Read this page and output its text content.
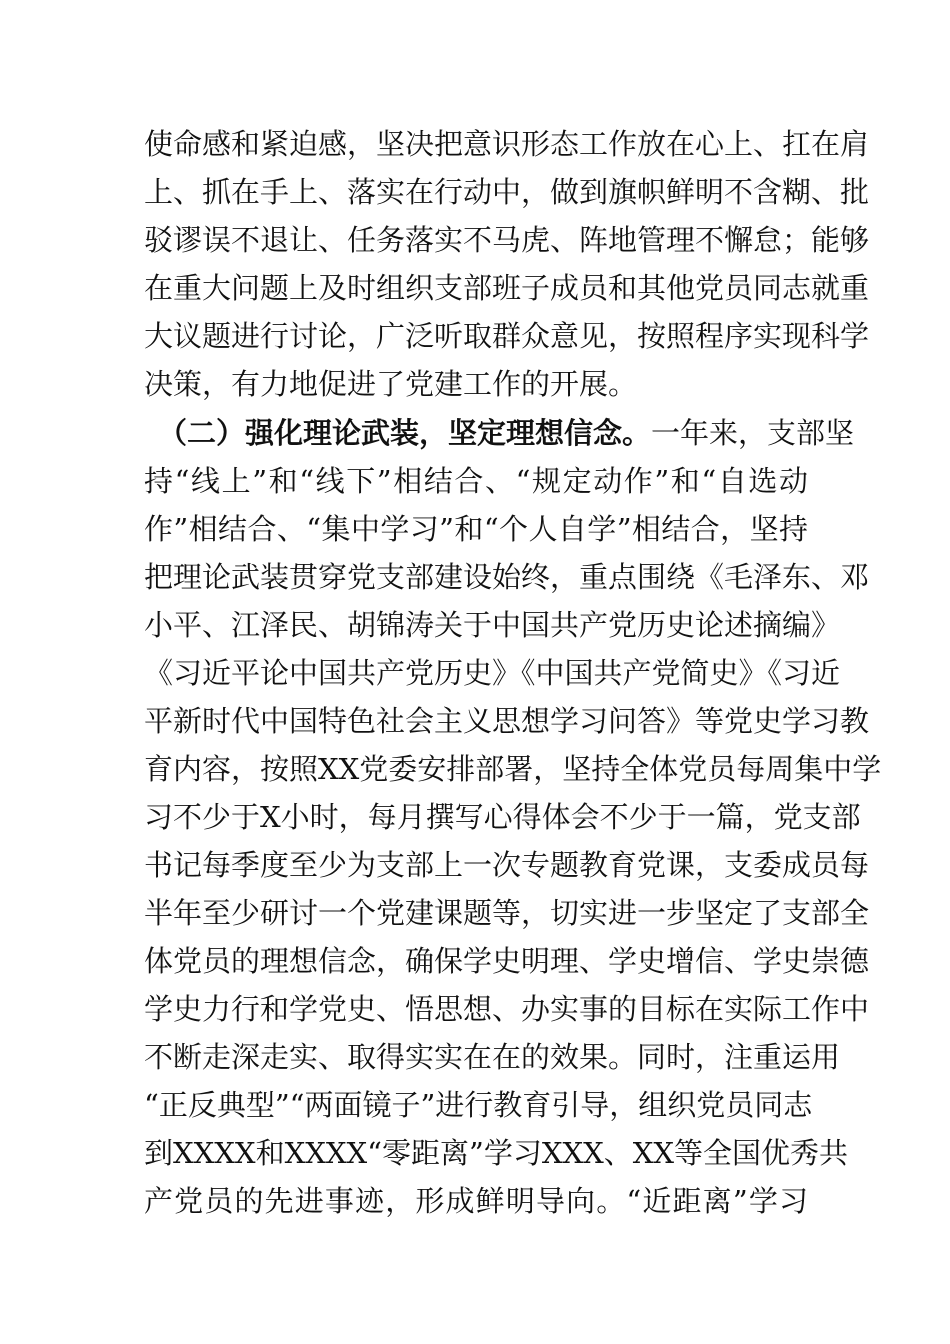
使命感和紧迫感，坚决把意识形态工作放在心上、扛在肩
上、抓在手上、落实在行动中，做到旗帜鲜明不含糊、批
驳谬误不退让、任务落实不马虎、阵地管理不懈怠；能够
在重大问题上及时组织支部班子成员和其他党员同志就重
大议题进行讨论，广泛听取群众意见，按照程序实现科学
决策，有力地促进了党建工作的开展。
（二）强化理论武装，坚定理想信念。一年来，支部坚
持“线上”和“线下”相结合、“规定动作”和“自选动
作”相结合、“集中学习”和“个人自学”相结合，坚持
把理论武装贯穿党支部建设始终，重点围绕《毛泽东、邓
小平、江泽民、胡锦涛关于中国共产党历史论述摘编》
《习近平论中国共产党历史》《中国共产党简史》《习近
平新时代中国特色社会主义思想学习问答》等党史学习教
育内容，按照XX党委安排部署，坚持全体党员每周集中学
习不少于X小时，每月撰写心得体会不少于一篇，党支部
书记每季度至少为支部上一次专题教育党课，支委成员每
半年至少研讨一个党建课题等，切实进一步坚定了支部全
体党员的理想信念，确保学史明理、学史增信、学史崇德
学史力行和学党史、悟思想、办实事的目标在实际工作中
不断走深走实、取得实实在在的效果。同时，注重运用
“正反典型”“两面镜子”进行教育引导，组织党员同志
到XXXX和XXXX“零距离”学习XXX、XX等全国优秀共
产党员的先进事迹，形成鲜明导向。“近距离”学习
